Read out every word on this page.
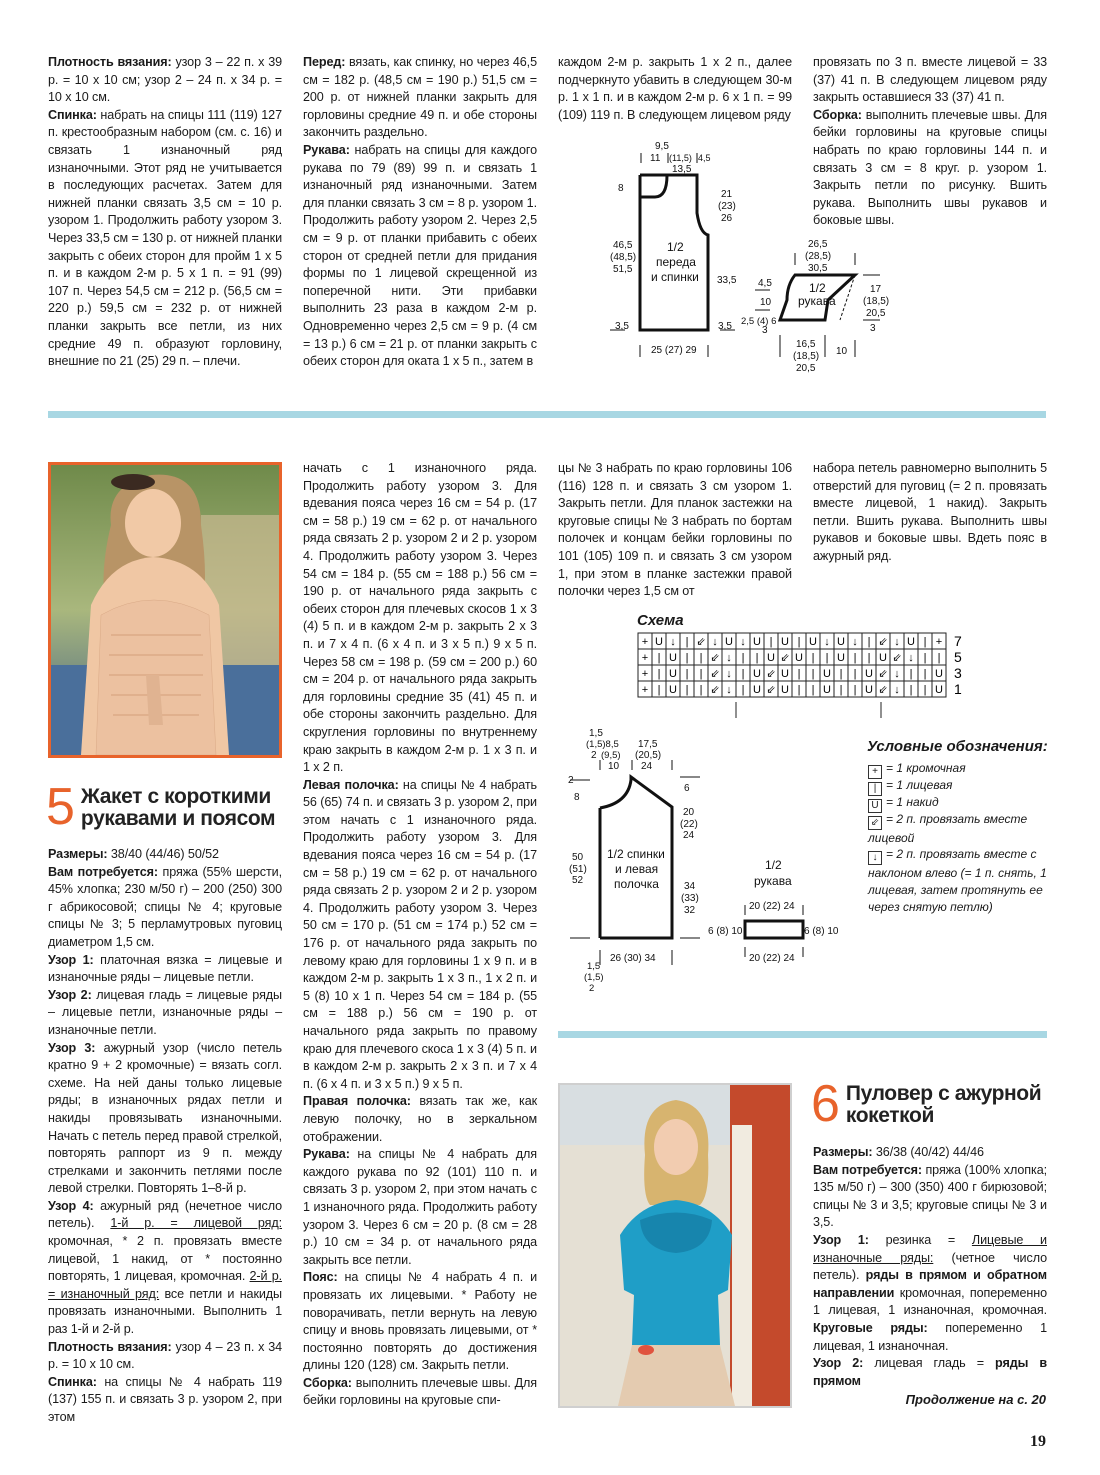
Плотность вязания: узор 3 – 22 п. х 39 р. = 10 х 10 см; узор 2 – 24 п. х 34 р. = 10 х 10 см.

Спинка: набрать на спицы 111 (119) 127 п. крестообразным набором (см. с. 16) и связать 1 изнаночный ряд изнаночными. Этот ряд не учитывается в последующих расчетах. Затем для нижней планки связать 3,5 см = 10 р. узором 1. Продолжить работу узором 3. Через 33,5 см = 130 р. от нижней планки закрыть с обеих сторон для пройм 1 х 5 п. и в каждом 2-м р. 5 х 1 п. = 91 (99) 107 п. Через 54,5 см = 212 р. (56,5 см = 220 р.) 59,5 см = 232 р. от нижней планки закрыть все петли, из них средние 49 п. образуют горловину, внешние по 21 (25) 29 п. – плечи.

Перед: вязать, как спинку, но через 46,5 см = 182 р. (48,5 см = 190 р.) 51,5 см = 200 р. от нижней планки закрыть для горловины средние 49 п. и обе стороны закончить раздельно.

Рукава: набрать на спицы для каждого рукава по 79 (89) 99 п. и связать 1 изнаночный ряд изнаночными. Затем для планки связать 3 см = 8 р. узором 1. Продолжить работу узором 2. Через 2,5 см = 9 р. от планки прибавить с обеих сторон от средней петли для придания формы по 1 лицевой скрещенной из поперечной нити. Эти прибавки выполнить 23 раза в каждом 2-м р. Одновременно через 2,5 см = 9 р. (4 см = 13 р.) 6 см = 21 р. от планки закрыть с обеих сторон для оката 1 х 5 п., затем в

каждом 2-м р. закрыть 1 х 2 п., далее подчеркнуто убавить в следующем 30-м р. 1 х 1 п. и в каждом 2-м р. 6 х 1 п. = 99 (109) 119 п. В следующем лицевом ряду

провязать по 3 п. вместе лицевой = 33 (37) 41 п. В следующем лицевом ряду закрыть оставшиеся 33 (37) 41 п.

Сборка: выполнить плечевые швы. Для бейки горловины на круговые спицы набрать по краю горловины 144 п. и связать 3 см = 8 круг. р. узором 1. Закрыть петли по рисунку. Вшить рукава. Выполнить швы рукавов и боковые швы.

9,5
11 (11,5) 4,5
13,5
8
21
(23)
26
46,5
(48,5)
51,5
1/2
переда
и спинки 33,5
3,5	3,5
25 (27) 29
26,5
(28,5)
30,5
17
(18,5)
20,5
3
4,5
10
2,5 (4) 6
3
1/2
рукава
16,5
(18,5)
20,5
10
5 Жакет с короткими
рукавами и поясом

Размеры: 38/40 (44/46) 50/52

Вам потребуется: пряжа (55% шерсти, 45% хлопка; 230 м/50 г) – 200 (250) 300 г абрикосовой; спицы № 4; круговые спицы № 3; 5 перламутровых пуговиц диаметром 1,5 см.

Узор 1: платочная вязка = лицевые и изнаночные ряды – лицевые петли.

Узор 2: лицевая гладь = лицевые ряды – лицевые петли, изнаночные ряды – изнаночные петли.

Узор 3: ажурный узор (число петель кратно 9 + 2 кромочные) = вязать согл. схеме. На ней даны только лицевые ряды; в изнаночных рядах петли и накиды провязывать изнаночными. Начать с петель перед правой стрелкой, повторять раппорт из 9 п. между стрелками и закончить петлями после левой стрелки. Повторять 1–8-й р.

Узор 4: ажурный ряд (нечетное число петель). 1-й р. = лицевой ряд: кромочная, * 2 п. провязать вместе лицевой, 1 накид, от * постоянно повторять, 1 лицевая, кромочная. 2-й р. = изнаночный ряд: все петли и накиды провязать изнаночными. Выполнить 1 раз 1-й и 2-й р.

Плотность вязания: узор 4 – 23 п. х 34 р. = 10 х 10 см.

Спинка: на спицы № 4 набрать 119 (137) 155 п. и связать 3 р. узором 2, при этом

начать с 1 изнаночного ряда. Продолжить работу узором 3. Для вдевания пояса через 16 см = 54 р. (17 см = 58 р.) 19 см = 62 р. от начального ряда связать 2 р. узором 2 и 2 р. узором 4. Продолжить работу узором 3. Через 54 см = 184 р. (55 см = 188 р.) 56 см = 190 р. от начального ряда закрыть с обеих сторон для плечевых скосов 1 х 3 (4) 5 п. и в каждом 2-м р. закрыть 2 х 3 п. и 7 х 4 п. (6 х 4 п. и 3 х 5 п.) 9 х 5 п. Через 58 см = 198 р. (59 см = 200 р.) 60 см = 204 р. от начального ряда закрыть для горловины средние 35 (41) 45 п. и обе стороны закончить раздельно. Для скругления горловины по внутреннему краю закрыть в каждом 2-м р. 1 х 3 п. и 1 х 2 п.

Левая полочка: на спицы № 4 набрать 56 (65) 74 п. и связать 3 р. узором 2, при этом начать с 1 изнаночного ряда. Продолжить работу узором 3. Для вдевания пояса через 16 см = 54 р. (17 см = 58 р.) 19 см = 62 р. от начального ряда связать 2 р. узором 2 и 2 р. узором 4. Продолжить работу узором 3. Через 50 см = 170 р. (51 см = 174 р.) 52 см = 176 р. от начального ряда закрыть по левому краю для горловины 1 х 9 п. и в каждом 2-м р. закрыть 1 х 3 п., 1 х 2 п. и 5 (8) 10 х 1 п. Через 54 см = 184 р. (55 см = 188 р.) 56 см = 190 р. от начального ряда закрыть по правому краю для плечевого скоса 1 х 3 (4) 5 п. и в каждом 2-м р. закрыть 2 х 3 п. и 7 х 4 п. (6 х 4 п. и 3 х 5 п.) 9 х 5 п.

Правая полочка: вязать так же, как левую полочку, но в зеркальном отображении.

Рукава: на спицы № 4 набрать для каждого рукава по 92 (101) 110 п. и связать 3 р. узором 2, при этом начать с 1 изнаночного ряда. Продолжить работу узором 3. Через 6 см = 20 р. (8 см = 28 р.) 10 см = 34 р. от начального ряда закрыть все петли.

Пояс: на спицы № 4 набрать 4 п. и провязать их лицевыми. * Работу не поворачивать, петли вернуть на левую спицу и вновь провязать лицевыми, от * постоянно повторять до достижения длины 120 (128) см. Закрыть петли.

Сборка: выполнить плечевые швы. Для бейки горловины на круговые спи-

цы № 3 набрать по краю горловины 106 (116) 128 п. и связать 3 см узором 1. Закрыть петли. Для планок застежки на круговые спицы № 3 набрать по бортам полочек и концам бейки горловины по 101 (105) 109 п. и связать 3 см узором 1, при этом в планке застежки правой полочки через 1,5 см от

набора петель равномерно выполнить 5 отверстий для пуговиц (= 2 п. провязать вместе лицевой, 1 накид). Закрыть петли. Вшить рукава. Выполнить швы рукавов и боковые швы. Вдеть пояс в ажурный ряд.

Схема
+ U ↓ | ⇙ ↓ U ↓ U | U | U ↓ U ↓ | ⇙ ↓ U | + 7
+ | U | | ⇙ ↓ | | U ⇙ U | | U | | U ⇙ ↓ | | 5
+ | U | | ⇙ ↓ | U ⇙ U | | U | | U ⇙ ↓ | | U 3
+ | U | | ⇙ ↓ | U ⇙ U | | U | | U ⇙ ↓ | | U 1
Условные обозначения:
+ = 1 кромочная
| = 1 лицевая
U = 1 накид
⇙ = 2 п. провязать вместе лицевой
↓ = 2 п. провязать вместе с наклоном влево (= 1 п. снять, 1 лицевая, затем протянуть ее через снятую петлю)
1,5
(1,5)8,5
2 (9,5)
10
17,5
(20,5)
24
2
8
6
20
(22)
24
50
(51)
52
1/2 спинки
и левая
полочка	34
(33)
32
26 (30) 34
1,5
(1,5)
2
1/2
рукава
20 (22) 24
20 (22) 24
6 (8) 10	6 (8) 10
6 Пуловер с ажурной
кокеткой

Размеры: 36/38 (40/42) 44/46

Вам потребуется: пряжа (100% хлопка; 135 м/50 г) – 300 (350) 400 г бирюзовой; спицы № 3 и 3,5; круговые спицы № 3 и 3,5.

Узор 1: резинка = Лицевые и изнаночные ряды: (четное число петель). ряды в прямом и обратном направлении кромочная, попеременно 1 лицевая, 1 изнаночная, кромочная. Круговые ряды: попеременно 1 лицевая, 1 изнаночная.

Узор 2: лицевая гладь = ряды в прямом

Продолжение на с. 20
19
